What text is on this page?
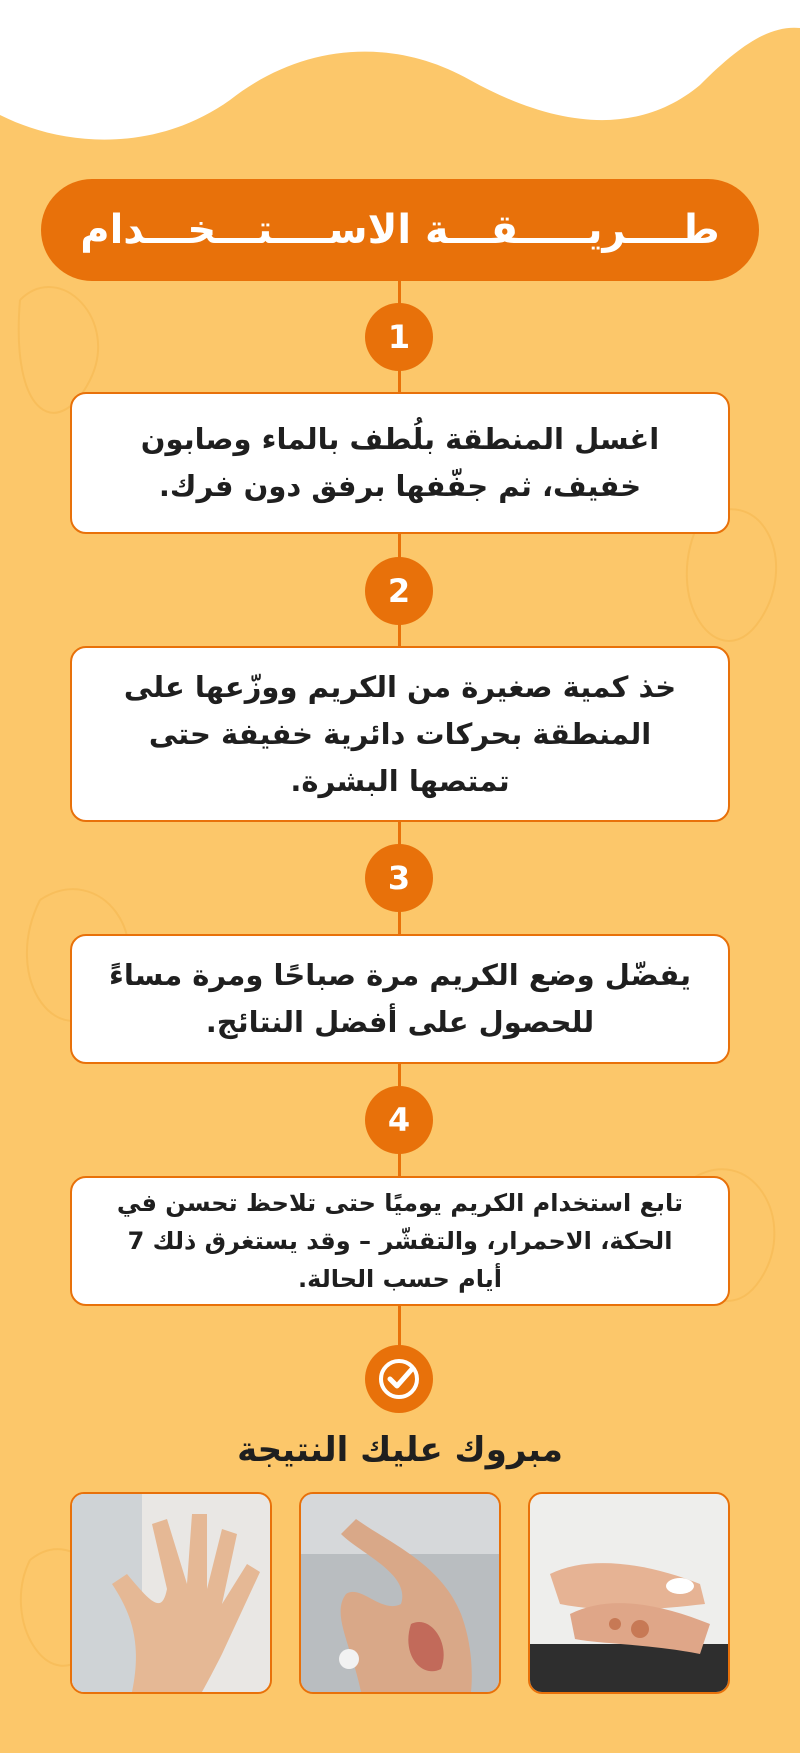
طــــريـــــقـــة الاســــتـــخـــدام
1
اغسل المنطقة بلُطف بالماء وصابون خفيف، ثم جفّفها برفق دون فرك.
2
خذ كمية صغيرة من الكريم ووزّعها على المنطقة بحركات دائرية خفيفة حتى تمتصها البشرة.
3
يفضّل وضع الكريم مرة صباحًا ومرة مساءً للحصول على أفضل النتائج.
4
تابع استخدام الكريم يوميًا حتى تلاحظ تحسن في الحكة، الاحمرار، والتقشّر – وقد يستغرق ذلك 7 أيام حسب الحالة.
مبروك عليك النتيجة
